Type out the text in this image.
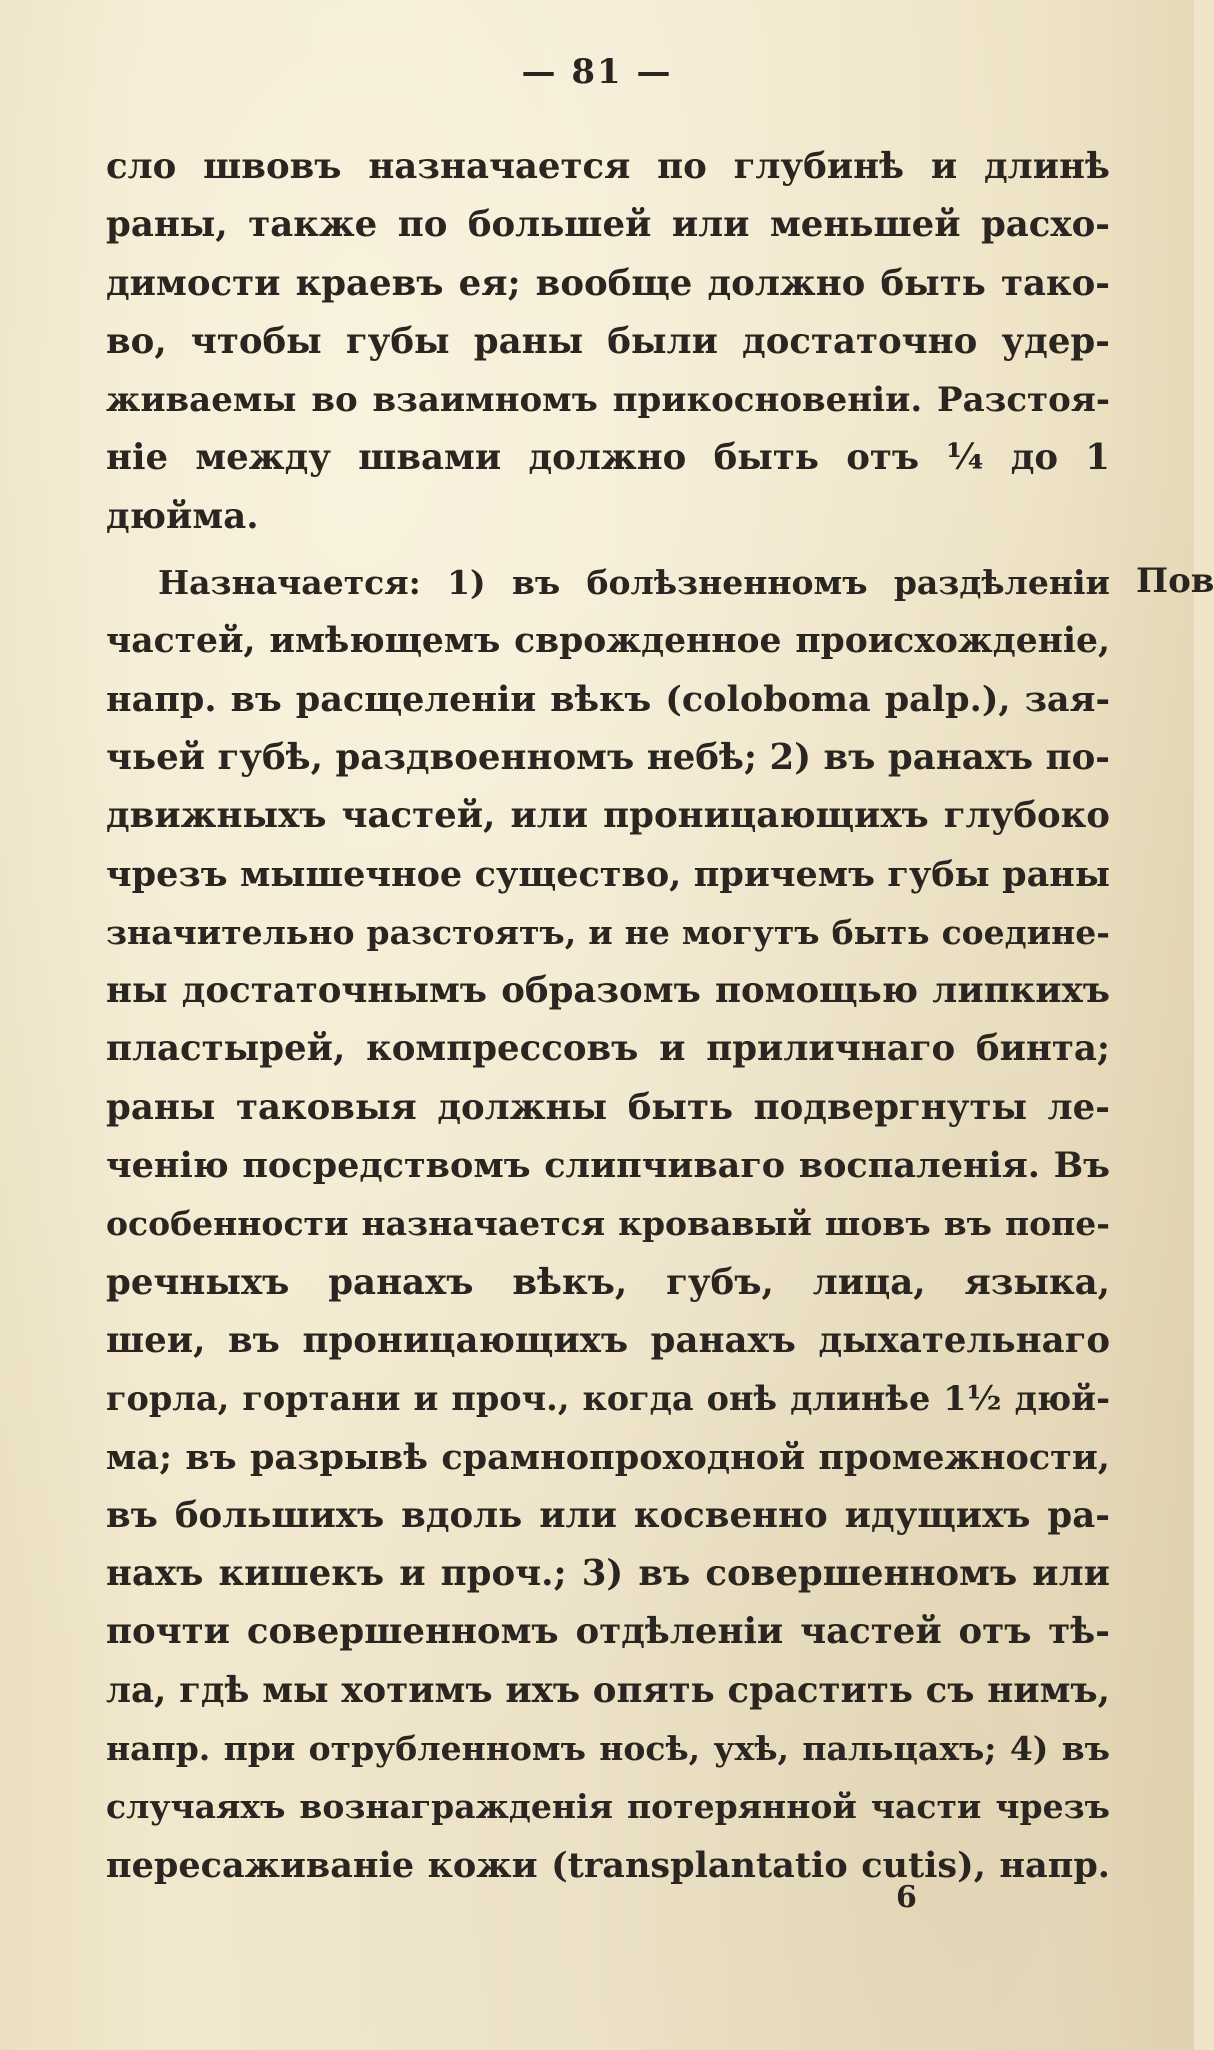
— 81 —
сло швовъ назначается по глубинѣ и длинѣ
раны, также по большей или меньшей расхо-
димости краевъ ея; вообще должно быть тако-
во, чтобы губы раны были достаточно удер-
живаемы во взаимномъ прикосновенiи. Разстоя-
нiе между швами должно быть отъ ¼ до 1
дюйма.
Назначается: 1) въ болѣзненномъ раздѣленiи
частей, имѣющемъ сврожденное происхожденiе,
напр. въ расщеленiи вѣкъ (coloboma palp.), зая-
чьей губѣ, раздвоенномъ небѣ; 2) въ ранахъ по-
движныхъ частей, или проницающихъ глубоко
чрезъ мышечное существо, причемъ губы раны
значительно разстоятъ, и не могутъ быть соедине-
ны достаточнымъ образомъ помощью липкихъ
пластырей, компрессовъ и приличнаго бинта;
раны таковыя должны быть подвергнуты ле-
ченiю посредствомъ слипчиваго воспаленiя. Въ
особенности назначается кровавый шовъ въ попе-
речныхъ ранахъ вѣкъ, губъ, лица, языка,
шеи, въ проницающихъ ранахъ дыхательнаго
горла, гортани и проч., когда онѣ длинѣе 1½ дюй-
ма; въ разрывѣ срамнопроходной промежности,
въ большихъ вдоль или косвенно идущихъ ра-
нахъ кишекъ и проч.; 3) въ совершенномъ или
почти совершенномъ отдѣленiи частей отъ тѣ-
ла, гдѣ мы хотимъ ихъ опять срастить съ нимъ,
напр. при отрубленномъ носѣ, ухѣ, пальцахъ; 4) въ
случаяхъ вознагражденiя потерянной части чрезъ
пересаживанiе кожи (transplantatio cutis), напр.
Пов
6
